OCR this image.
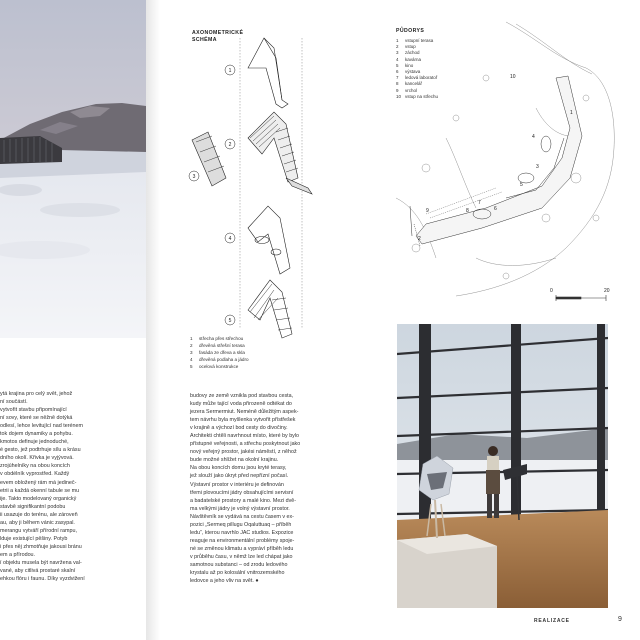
ytá krajina pro celý svět, jehož
ní součástí.
vytvořit stavbu připomínající
ní sovy, které se něžně dotýká
odlesí, lehce levitující nad terénem
tok dojem dynamiky a pohybu.
kmotos definuje jednoduché,
é gesto, jež podtrhuje sílu a krásu
dního okolí. Křivka je vyjývová.
zrojúhelníky na obou koncích
v obdélník vyprostřed. Každý
evem obložený rám má jedineč-
etrii a každá okenní tabule se mu
ije. Takto modelovaný organický
stavbě signifikantní podobu
ii usazuje do terénu, ale zároveň
au, aby ji během vánic zasypal.
merangu vytváří přírodní rampu,
lduje existující pěšiny. Potyb
i přes něj zhmotňuje jakousi bránu
em a přírodou.
í objektu musela být navržena val-
vané, aby citlivá prostaré skalní
ehkou flóru i faunu. Díky vyzdvižení
AXONOMETRICKÉ
SCHÉMA
1
2
3
4
5
1 střecha přes střechou
2 dřevěná střešní terasa
3 fasáda ze dřeva a skla
4 dřevěná podlaha a jádro
5 ocelová konstrukce
budovy ze země vznikla pod stavbou cesta,
kudy může tající voda přirozeně odtékat do
jezera Sermermiut. Neméně důležitým aspek-
tem návrhu byla myšlenka vytvořit přístřešek
v krajině a výchozí bod cesty do divočiny.
Architekti chtěli navrhnout místo, které by bylo
přístupné veřejnosti, a střechu poskytnout jako
nový veřejný prostor, jakési náměstí, z něhož
bude možné shlížet na okolní krajinu.
Na obou koncích domu jsou kryté terasy,
jež slouží jako úkryt před nepřízní počasí.
Výstavní prostor v interiéru je definován
třemi plovoucími jádry obsahujícími servisní
a badatelské prostory a malé kino. Mezi dvě-
ma velkými jádry je volný výstavní prostor.
Návštěvník se vydává na cestu časem v ex-
pozici „Sermeq pillugu Oqaluttuaq – příběh
ledu“, kterou navrhlo JAC studios. Expozice
reaguje na environmentální problémy spoje-
né se změnou klimatu a vypráví příběh ledu
v průběhu času, v němž lze led chápat jako
samotnou substanci – od zrodu ledového
krystalu až po kolosální vnitrozemského
ledovce a jeho vliv na svět. ●
1
2
3
4
5
6
7
8
9
10
0	20
PŮDORYS
1 vstupní terasa
2 vstup
3 záchod
4 kavárna
5 kino
6 výstava
7 ledová laboratoř
8 kancelář
9 vrchol
10 vstup na střechu
REALIZACE	9
